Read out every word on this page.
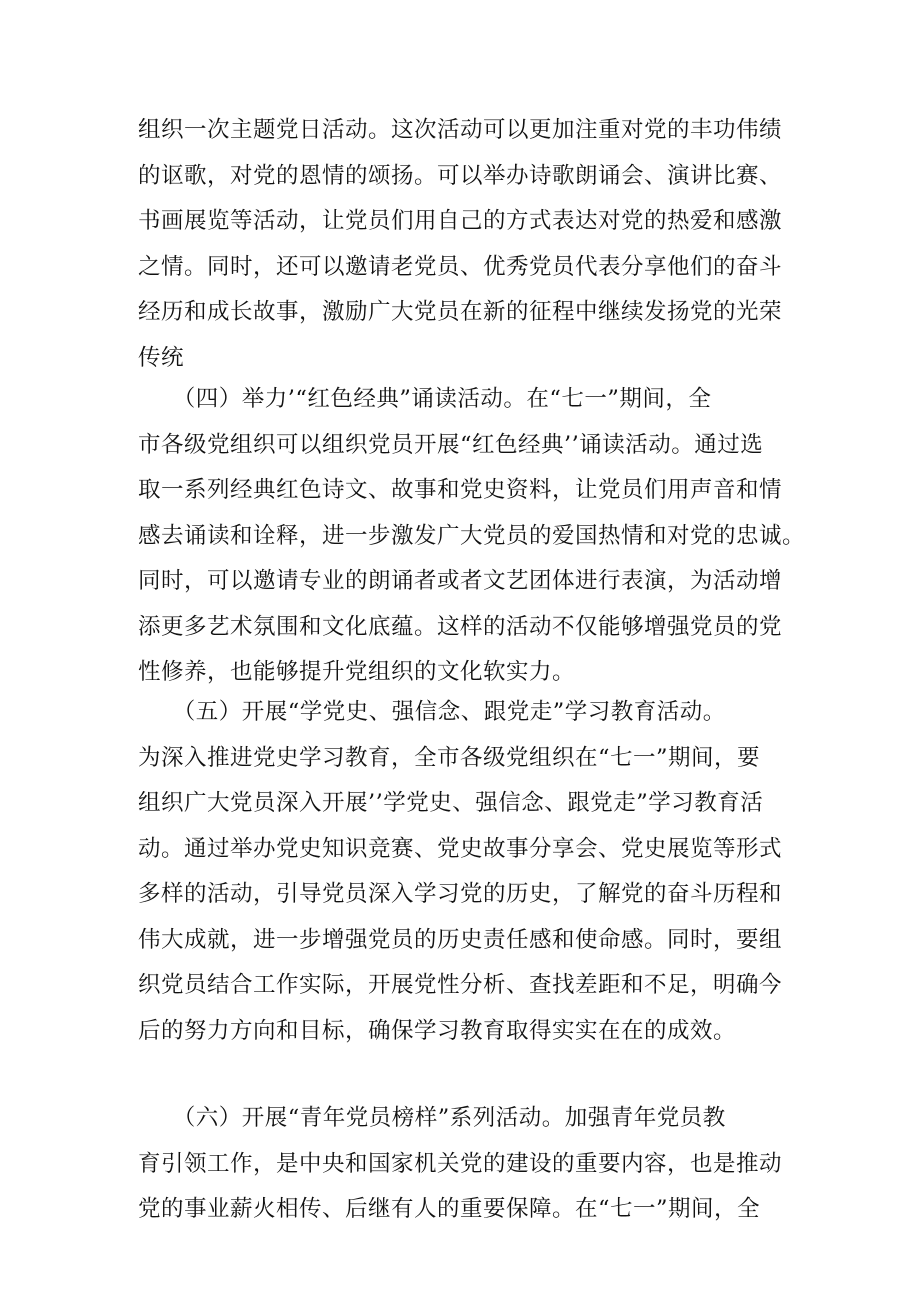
组织一次主题党日活动。这次活动可以更加注重对党的丰功伟绩
的讴歌，对党的恩情的颂扬。可以举办诗歌朗诵会、演讲比赛、
书画展览等活动，让党员们用自己的方式表达对党的热爱和感激
之情。同时，还可以邀请老党员、优秀党员代表分享他们的奋斗
经历和成长故事，激励广大党员在新的征程中继续发扬党的光荣
传统
　　（四）举力’“红色经典”诵读活动。在“七一”期间，全
市各级党组织可以组织党员开展“红色经典’’诵读活动。通过选
取一系列经典红色诗文、故事和党史资料，让党员们用声音和情
感去诵读和诠释，进一步激发广大党员的爱国热情和对党的忠诚。
同时，可以邀请专业的朗诵者或者文艺团体进行表演，为活动增
添更多艺术氛围和文化底蕴。这样的活动不仅能够增强党员的党
性修养，也能够提升党组织的文化软实力。
　　（五）开展“学党史、强信念、跟党走”学习教育活动。
为深入推进党史学习教育，全市各级党组织在“七一”期间，要
组织广大党员深入开展’’学党史、强信念、跟党走”学习教育活
动。通过举办党史知识竞赛、党史故事分享会、党史展览等形式
多样的活动，引导党员深入学习党的历史，了解党的奋斗历程和
伟大成就，进一步增强党员的历史责任感和使命感。同时，要组
织党员结合工作实际，开展党性分析、查找差距和不足，明确今
后的努力方向和目标，确保学习教育取得实实在在的成效。
　　（六）开展“青年党员榜样”系列活动。加强青年党员教
育引领工作，是中央和国家机关党的建设的重要内容，也是推动
党的事业薪火相传、后继有人的重要保障。在“七一”期间，全
